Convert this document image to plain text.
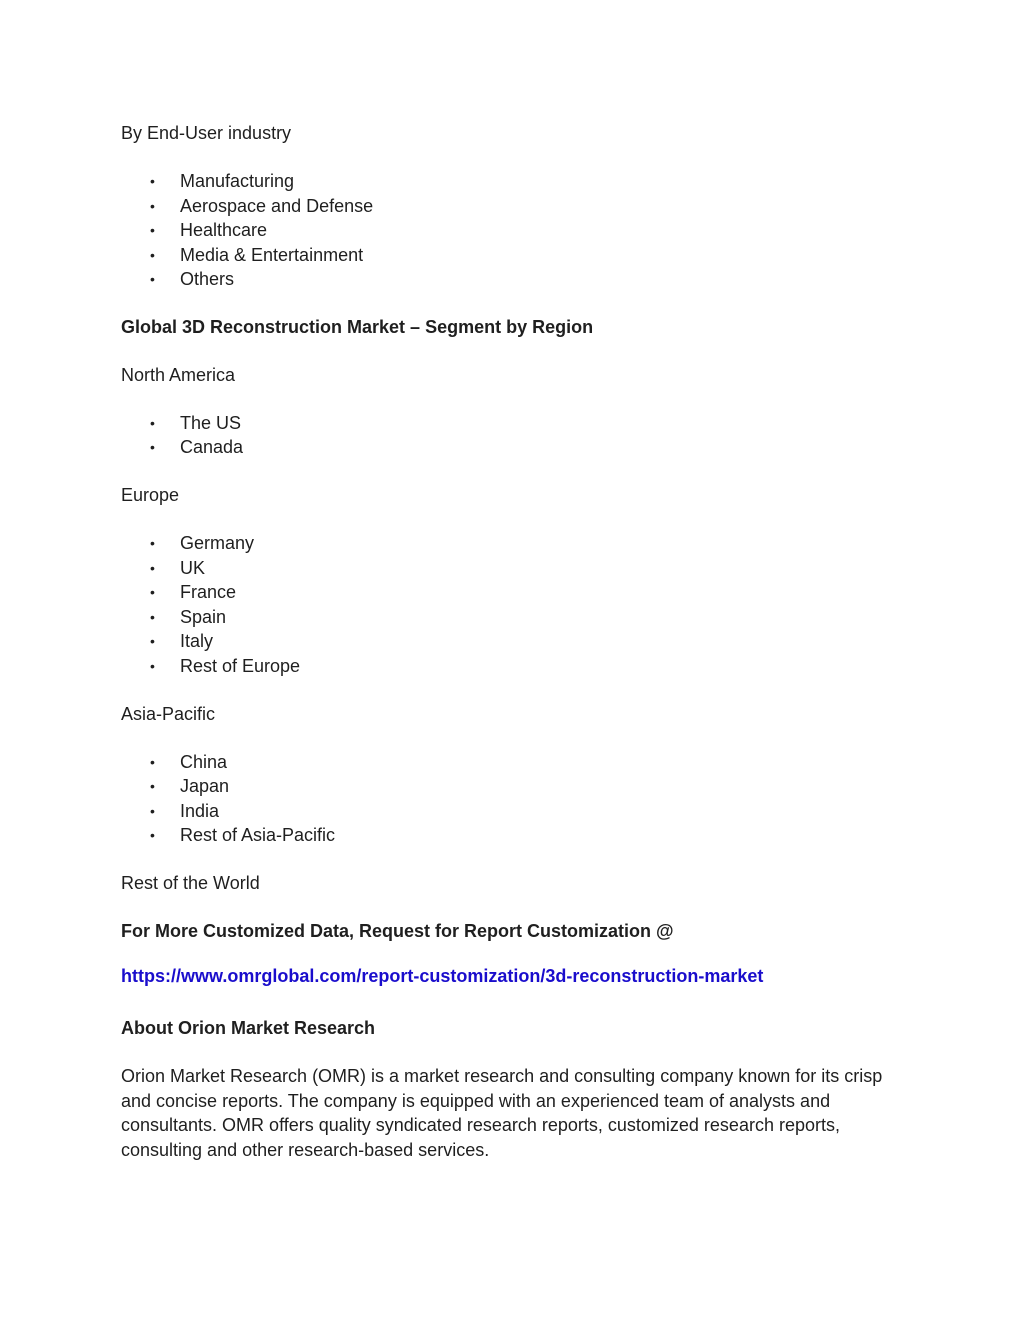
By End-User industry
• Manufacturing
• Aerospace and Defense
• Healthcare
• Media & Entertainment
• Others
Global 3D Reconstruction Market – Segment by Region
North America
• The US
• Canada
Europe
• Germany
• UK
• France
• Spain
• Italy
• Rest of Europe
Asia-Pacific
• China
• Japan
• India
• Rest of Asia-Pacific
Rest of the World
For More Customized Data, Request for Report Customization @
https://www.omrglobal.com/report-customization/3d-reconstruction-market
About Orion Market Research
Orion Market Research (OMR) is a market research and consulting company known for its crisp and concise reports. The company is equipped with an experienced team of analysts and consultants. OMR offers quality syndicated research reports, customized research reports, consulting and other research-based services.
